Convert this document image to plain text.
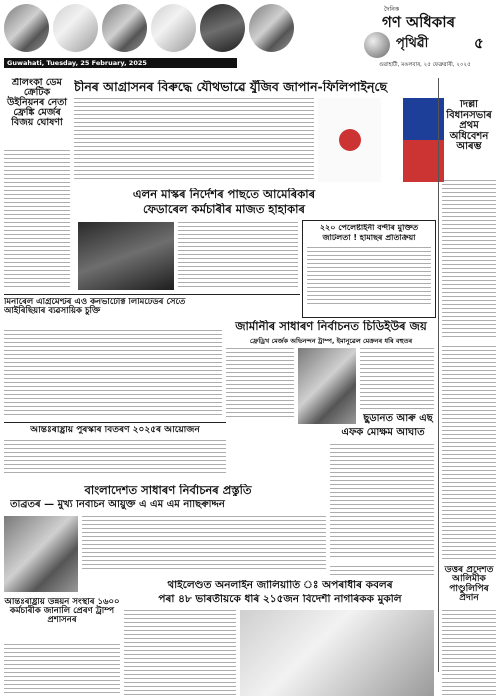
Guwahati, Tuesday, 25 February, 2025
দৈনিক
গণ অধিকাৰ
পৃথিৱী	৫
গুৱাহাটী, মঙলবাৰ, ২৫ ফেব্ৰুৱাৰী, ২০২৫
শ্ৰীলংকা ডেম ক্ৰেটিক উইনিয়নৰ নেতা ফ্ৰেঙ্কি মেৰ্জৰ বিজয় ঘোষণা
চীনৰ আগ্ৰাসনৰ বিৰুদ্ধে যৌথভাৱে যুঁজিব জাপান-ফিলিপাইন্‌ছে
দিল্লী বিধানসভাৰ প্ৰথম অধিবেশন আৰম্ভ
এলন মাস্কৰ নিৰ্দেশৰ পাছতে আমেৰিকাৰ
ফেডাৰেল কৰ্মচাৰীৰ মাজত হাহাকাৰ
২২০ পেলেষ্টাইনী বন্দীৰ মুক্তিত
জটিলতা ! হামাছৰ প্ৰতিক্ৰিয়া
মিনাৰেল এগ্ৰিমেণ্টৰ এও কনভাৰ্টেক্টি লিমিটেডৰ সৈতে আইৰিছিয়াৰ ব্যৱসায়িক চুক্তি
জাৰ্মানীৰ সাধাৰণ নিৰ্বাচনত চিডিইউৰ জয়
ফ্ৰেড্ৰিখ মেৰ্জক অভিনন্দন ট্ৰাম্প, ইমানুৱেল মেক্ৰনৰ ধৰি বহুতৰ
আন্তঃৰাষ্ট্ৰীয় পুৰস্কাৰ বিতৰণ ২০২৫ৰ আয়োজন
ছুডানত আৰু এছ
এফক মোক্ষম আঘাত
বাংলাদেশত সাধাৰণ নিৰ্বাচনৰ প্ৰস্তুতি
তীব্ৰতৰ — মুখ্য নিৰ্বাচন আয়ুক্ত এ এম এম নাছিৰুদ্দিন
উত্তৰ প্ৰদেশত আলিমীক পাণ্ডুলিপিৰ প্ৰদান
থাইলেণ্ডত অনলাইন জালিয়াতি ঃ অপৰাধীৰ কবলৰ
পৰা ৪৮ ভাৰতীয়কে ধৰি ২১৫জন বিদেশী নাগৰিকক মুকলি
আন্তঃৰাষ্ট্ৰীয় উন্নয়ন সংস্থাৰ ১৬০০ কৰ্মচাৰীক জানালি প্ৰেৰণ ট্ৰাম্প প্ৰশাসনৰ
